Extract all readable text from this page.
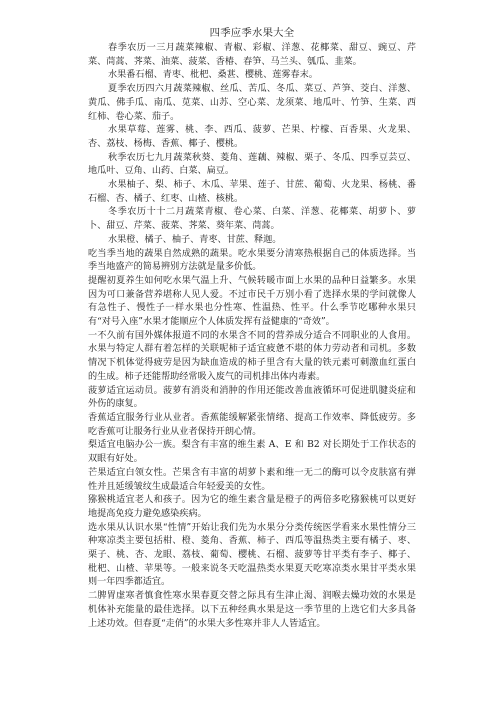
四季应季水果大全

春季农历一三月蔬菜辣椒、青椒、彩椒、洋葱、花椰菜、甜豆、豌豆、芹菜、茼蒿、荠菜、油菜、菠菜、香椿、春笋、马兰头、瓠瓜、韭菜。

水果番石榴、青枣、枇杷、桑葚、樱桃、莲雾春末。

夏季农历四六月蔬菜辣椒、丝瓜、苦瓜、冬瓜、菜豆、芦笋、茭白、洋葱、黄瓜、佛手瓜、南瓜、苋菜、山苏、空心菜、龙须菜、地瓜叶、竹笋、生菜、西红柿、卷心菜、茄子。

水果草莓、莲雾、桃、李、西瓜、菠萝、芒果、柠檬、百香果、火龙果、杏、荔枝、杨梅、香蕉、椰子、樱桃。

秋季农历七九月蔬菜秋葵、菱角、莲藕、辣椒、栗子、冬瓜、四季豆芸豆、地瓜叶、豆角、山药、白菜、扁豆。

水果柚子、梨、柿子、木瓜、苹果、莲子、甘蔗、葡萄、火龙果、杨桃、番石榴、杏、橘子、红枣、山楂、核桃。

冬季农历十十二月蔬菜青椒、卷心菜、白菜、洋葱、花椰菜、胡萝卜、萝卜、甜豆、芹菜、菠菜、荠菜、葵年菜、茼蒿。

水果橙、橘子、柚子、青枣、甘蔗、释迦。

吃当季当地的蔬果自然成熟的蔬果。吃水果要分清寒热根据自己的体质选择。当季当地盛产的简易辨别方法就是量多价低。

提醒初夏养生如何吃水果气温上升、气候转暖市面上水果的品种日益繁多。水果因为可口兼备营养堪称人见人爱。不过市民千万别小看了选择水果的学问就像人有急性子、慢性子一样水果也分性寒、性温热、性平。什么季节吃哪种水果只有“对号入座”水果才能顺应个人体质发挥有益健康的“奇效”。

一不久前有国外媒体报道不同的水果含不同的营养成分适合不同职业的人食用。水果与特定人群有着怎样的关联呢柿子适宜疲惫不堪的体力劳动者和司机。多数情况下机体觉得疲劳是因为缺血造成的柿子里含有大量的铁元素可刺激血红蛋白的生成。柿子还能帮助经常吸入废气的司机排出体内毒素。

菠萝适宜运动员。菠萝有消炎和消肿的作用还能改善血液循环可促进肌腱炎症和外伤的康复。

香蕉适宜服务行业从业者。香蕉能缓解紧张情绪、提高工作效率、降低疲劳。多吃香蕉可让服务行业从业者保持开朗心情。

梨适宜电脑办公一族。梨含有丰富的维生素 A、E 和 B2 对长期处于工作状态的双眼有好处。

芒果适宜白领女性。芒果含有丰富的胡萝卜素和维一无二的酶可以令皮肤富有弹性并且延缓皱纹生成最适合年轻爱美的女性。

猕猴桃适宜老人和孩子。因为它的维生素含量是橙子的两倍多吃猕猴桃可以更好地提高免疫力避免感染疾病。

选水果从认识水果“性情”开始让我们先为水果分分类传统医学看来水果性情分三种寒凉类主要包括柑、橙、菱角、香蕉、柿子、西瓜等温热类主要有橘子、枣、栗子、桃、杏、龙眼、荔枝、葡萄、樱桃、石榴、菠萝等甘平类有李子、椰子、枇杷、山楂、苹果等。一般来说冬天吃温热类水果夏天吃寒凉类水果甘平类水果则一年四季都适宜。

二脾胃虚寒者慎食性寒水果春夏交替之际具有生津止渴、润喉去燥功效的水果是机体补充能量的最佳选择。以下五种经典水果是这一季节里的上选它们大多具备上述功效。但春夏“走俏”的水果大多性寒并非人人皆适宜。
